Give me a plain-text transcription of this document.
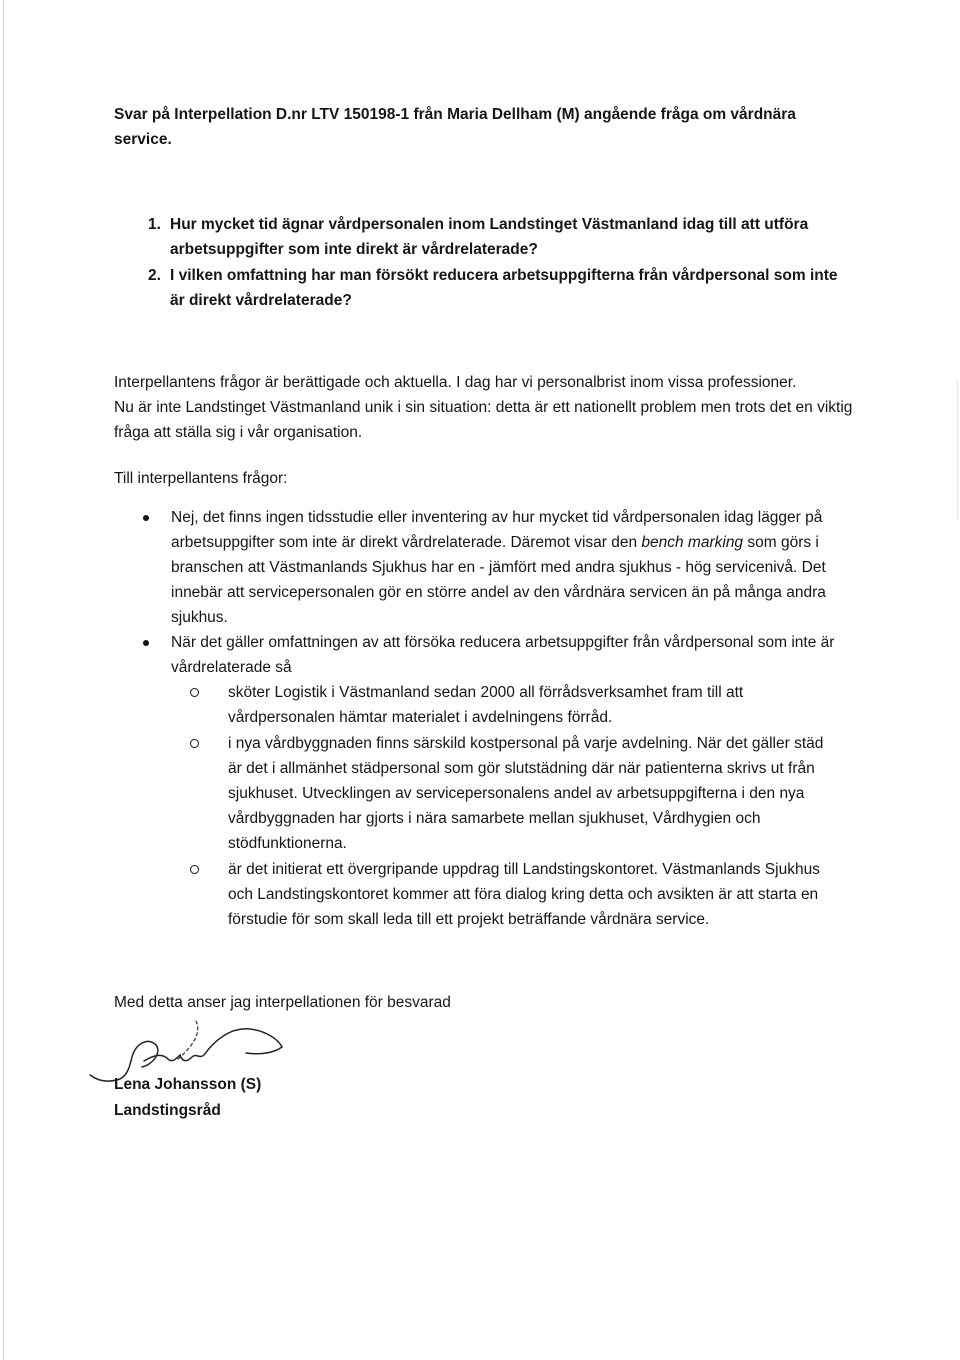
Svar på Interpellation D.nr LTV 150198-1 från Maria Dellham (M) angående fråga om vårdnära service.

1. Hur mycket tid ägnar vårdpersonalen inom Landstinget Västmanland idag till att utföra arbetsuppgifter som inte direkt är vårdrelaterade?
2. I vilken omfattning har man försökt reducera arbetsuppgifterna från vårdpersonal som inte är direkt vårdrelaterade?

Interpellantens frågor är berättigade och aktuella. I dag har vi personalbrist inom vissa professioner.
Nu är inte Landstinget Västmanland unik i sin situation: detta är ett nationellt problem men trots det en viktig fråga att ställa sig i vår organisation.

Till interpellantens frågor:

Nej, det finns ingen tidsstudie eller inventering av hur mycket tid vårdpersonalen idag lägger på arbetsuppgifter som inte är direkt vårdrelaterade. Däremot visar den bench marking som görs i branschen att Västmanlands Sjukhus har en - jämfört med andra sjukhus - hög servicenivå. Det innebär att servicepersonalen gör en större andel av den vårdnära servicen än på många andra sjukhus.
När det gäller omfattningen av att försöka reducera arbetsuppgifter från vårdpersonal som inte är vårdrelaterade så
sköter Logistik i Västmanland sedan 2000 all förrådsverksamhet fram till att vårdpersonalen hämtar materialet i avdelningens förråd.
i nya vårdbyggnaden finns särskild kostpersonal på varje avdelning. När det gäller städ är det i allmänhet städpersonal som gör slutstädning där när patienterna skrivs ut från sjukhuset. Utvecklingen av servicepersonalens andel av arbetsuppgifterna i den nya vårdbyggnaden har gjorts i nära samarbete mellan sjukhuset, Vårdhygien och stödfunktionerna.
är det initierat ett övergripande uppdrag till Landstingskontoret. Västmanlands Sjukhus och Landstingskontoret kommer att föra dialog kring detta och avsikten är att starta en förstudie för som skall leda till ett projekt beträffande vårdnära service.

Med detta anser jag interpellationen för besvarad

Lena Johansson (S)

Landstingsråd
